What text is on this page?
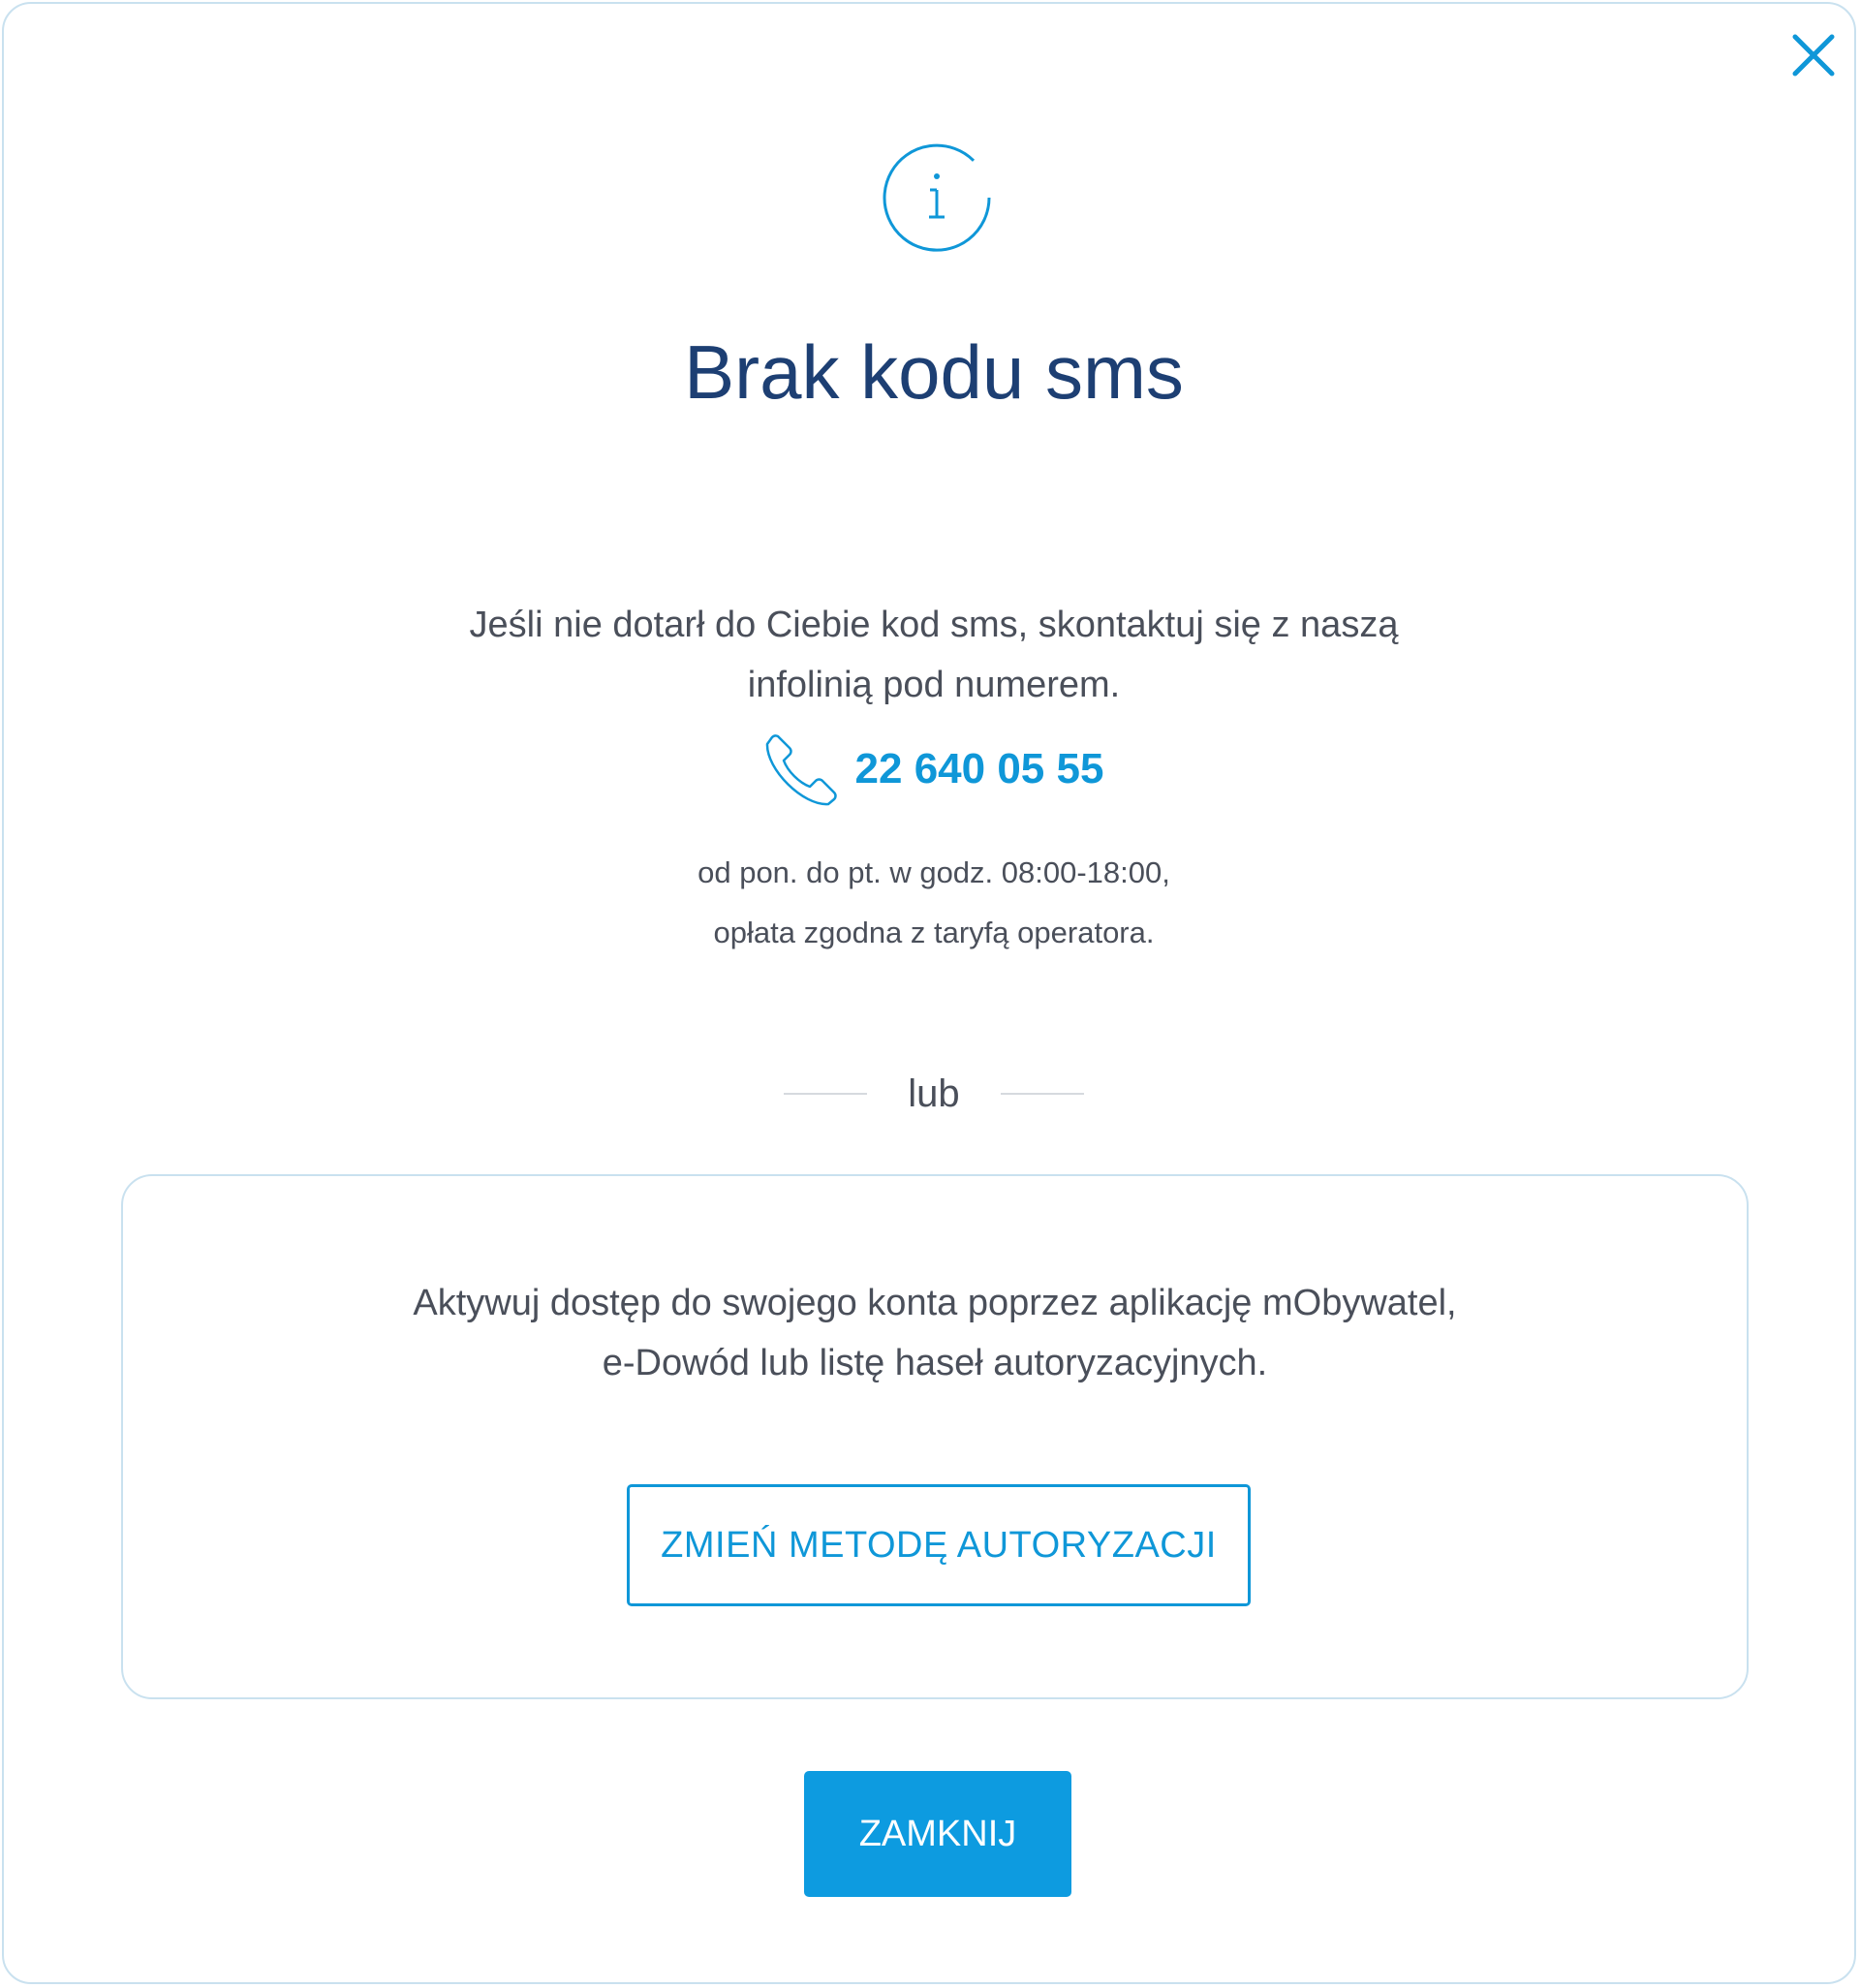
Brak kodu sms
Jeśli nie dotarł do Ciebie kod sms, skontaktuj się z naszą
infolinią pod numerem.
22 640 05 55
od pon. do pt. w godz. 08:00-18:00,
opłata zgodna z taryfą operatora.
lub
Aktywuj dostęp do swojego konta poprzez aplikację mObywatel,
e-Dowód lub listę haseł autoryzacyjnych.
ZMIEŃ METODĘ AUTORYZACJI
ZAMKNIJ
